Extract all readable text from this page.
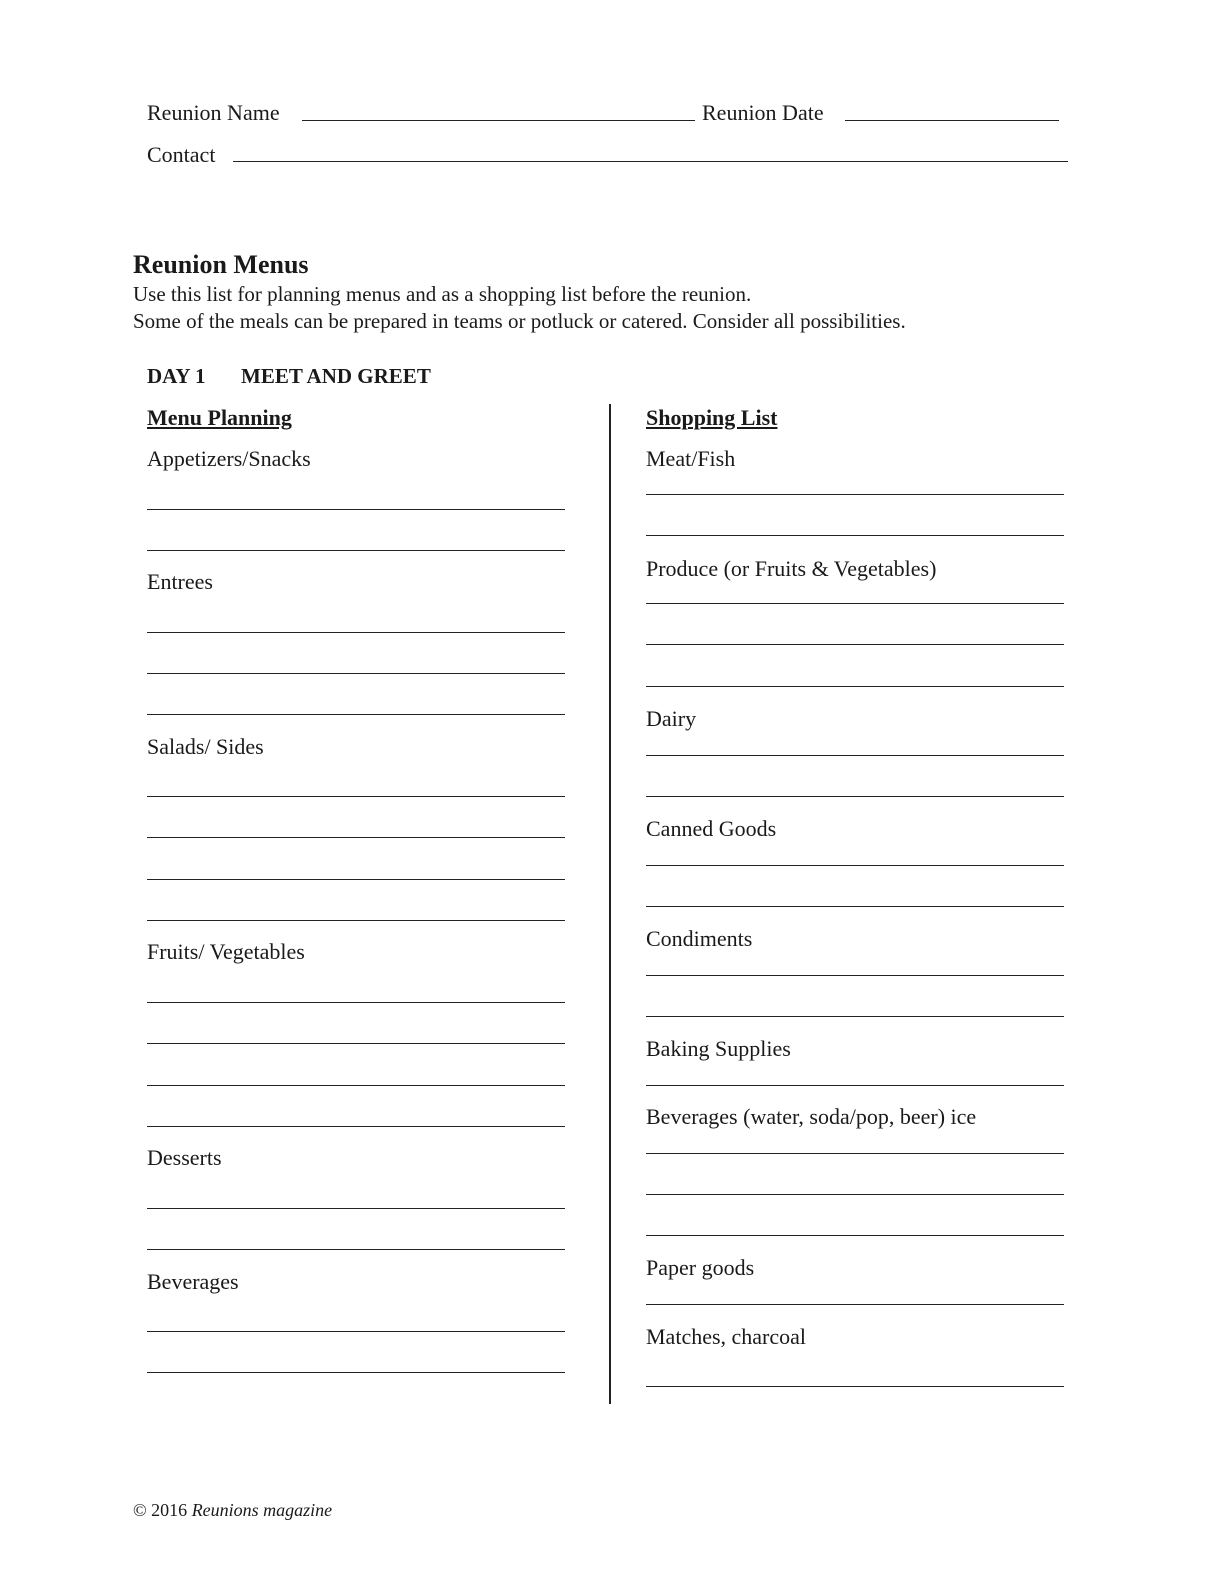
Reunion Name	Reunion Date
Contact
Reunion Menus
Use this list for planning menus and as a shopping list before the reunion.
Some of the meals can be prepared in teams or potluck or catered. Consider all possibilities.
DAY 1 MEET AND GREET
Menu Planning	Shopping List
Appetizers/Snacks
Entrees
Salads/ Sides
Fruits/ Vegetables
Desserts
Beverages
Meat/Fish
Produce (or Fruits & Vegetables)
Dairy
Canned Goods
Condiments
Baking Supplies
Beverages (water, soda/pop, beer) ice
Paper goods
Matches, charcoal
© 2016 Reunions magazine
